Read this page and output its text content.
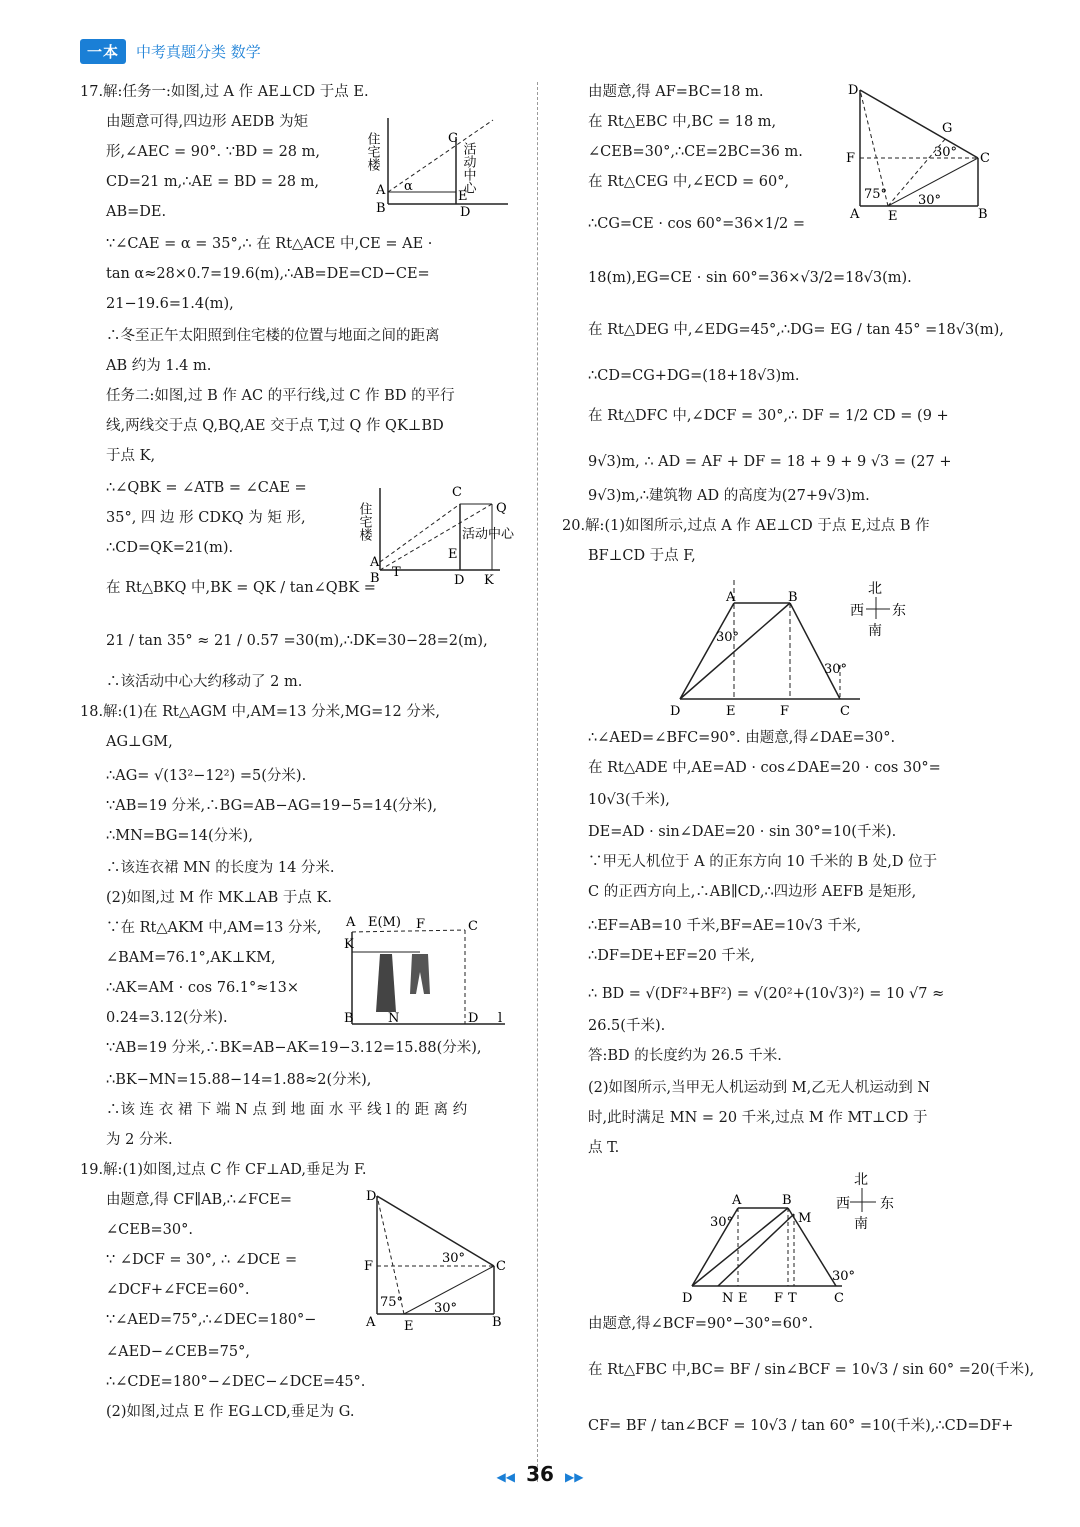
一本	中考真题分类 数学
17.解:任务一:如图,过 A 作 AE⊥CD 于点 E.
由题意可得,四边形 AEDB 为矩
形,∠AEC = 90°. ∵BD = 28 m,
CD=21 m,∴AE = BD = 28 m,
AB=DE.
∵∠CAE = α = 35°,∴ 在 Rt△ACE 中,CE = AE ·
tan α≈28×0.7=19.6(m),∴AB=DE=CD−CE=
21−19.6=1.4(m),
∴冬至正午太阳照到住宅楼的位置与地面之间的距离
AB 约为 1.4 m.
任务二:如图,过 B 作 AC 的平行线,过 C 作 BD 的平行
线,两线交于点 Q,BQ,AE 交于点 T,过 Q 作 QK⊥BD
于点 K,
∴∠QBK = ∠ATB = ∠CAE =
35°, 四 边 形 CDKQ 为 矩 形,
∴CD=QK=21(m).
在 Rt△BKQ 中,BK = QK / tan∠QBK =
21 / tan 35° ≈ 21 / 0.57 =30(m),∴DK=30−28=2(m),
∴该活动中心大约移动了 2 m.
18.解:(1)在 Rt△AGM 中,AM=13 分米,MG=12 分米,
AG⊥GM,
∴AG= √(13²−12²) =5(分米).
∵AB=19 分米,∴BG=AB−AG=19−5=14(分米),
∴MN=BG=14(分米),
∴该连衣裙 MN 的长度为 14 分米.
(2)如图,过 M 作 MK⊥AB 于点 K.
∵在 Rt△AKM 中,AM=13 分米,
∠BAM=76.1°,AK⊥KM,
∴AK=AM · cos 76.1°≈13×
0.24=3.12(分米).
∵AB=19 分米,∴BK=AB−AK=19−3.12=15.88(分米),
∴BK−MN=15.88−14=1.88≈2(分米),
∴该 连 衣 裙 下 端 N 点 到 地 面 水 平 线 l 的 距 离 约
为 2 分米.
19.解:(1)如图,过点 C 作 CF⊥AD,垂足为 F.
由题意,得 CF∥AB,∴∠FCE=
∠CEB=30°.
∵ ∠DCF = 30°, ∴ ∠DCE =
∠DCF+∠FCE=60°.
∵∠AED=75°,∴∠DEC=180°−
∠AED−∠CEB=75°,
∴∠CDE=180°−∠DEC−∠DCE=45°.
(2)如图,过点 E 作 EG⊥CD,垂足为 G.
由题意,得 AF=BC=18 m.
在 Rt△EBC 中,BC = 18 m,
∠CEB=30°,∴CE=2BC=36 m.
在 Rt△CEG 中,∠ECD = 60°,
∴CG=CE · cos 60°=36×1/2 =
18(m),EG=CE · sin 60°=36×√3/2=18√3(m).
在 Rt△DEG 中,∠EDG=45°,∴DG= EG / tan 45° =18√3(m),
∴CD=CG+DG=(18+18√3)m.
在 Rt△DFC 中,∠DCF = 30°,∴ DF = 1/2 CD = (9 +
9√3)m, ∴ AD = AF + DF = 18 + 9 + 9 √3 = (27 +
9√3)m,∴建筑物 AD 的高度为(27+9√3)m.
20.解:(1)如图所示,过点 A 作 AE⊥CD 于点 E,过点 B 作
BF⊥CD 于点 F,
∴∠AED=∠BFC=90°. 由题意,得∠DAE=30°.
在 Rt△ADE 中,AE=AD · cos∠DAE=20 · cos 30°=
10√3(千米),
DE=AD · sin∠DAE=20 · sin 30°=10(千米).
∵甲无人机位于 A 的正东方向 10 千米的 B 处,D 位于
C 的正西方向上,∴AB∥CD,∴四边形 AEFB 是矩形,
∴EF=AB=10 千米,BF=AE=10√3 千米,
∴DF=DE+EF=20 千米,
∴ BD = √(DF²+BF²) = √(20²+(10√3)²) = 10 √7 ≈
26.5(千米).
答:BD 的长度约为 26.5 千米.
(2)如图所示,当甲无人机运动到 M,乙无人机运动到 N
时,此时满足 MN = 20 千米,过点 M 作 MT⊥CD 于
点 T.
由题意,得∠BCF=90°−30°=60°.
在 Rt△FBC 中,BC= BF / sin∠BCF = 10√3 / sin 60° =20(千米),
CF= BF / tan∠BCF = 10√3 / tan 60° =10(千米),∴CD=DF+
住宅楼	活动中心
A
B
C
D
E
α
住宅楼	活动中心
A
B
C
D
E
T
K
Q
A E(M) F
K
B	N	D l
C
D
F	C
A E	B
30°
75° 30°
D
F
G
C
A E	B
30°
75° 30°
A	B
D	E	F	C
30°
30°
北
西 东
南
A	B
M
D N E F T	C
30°
30°
北
西 东
南
◀◀ 36 ▶▶
